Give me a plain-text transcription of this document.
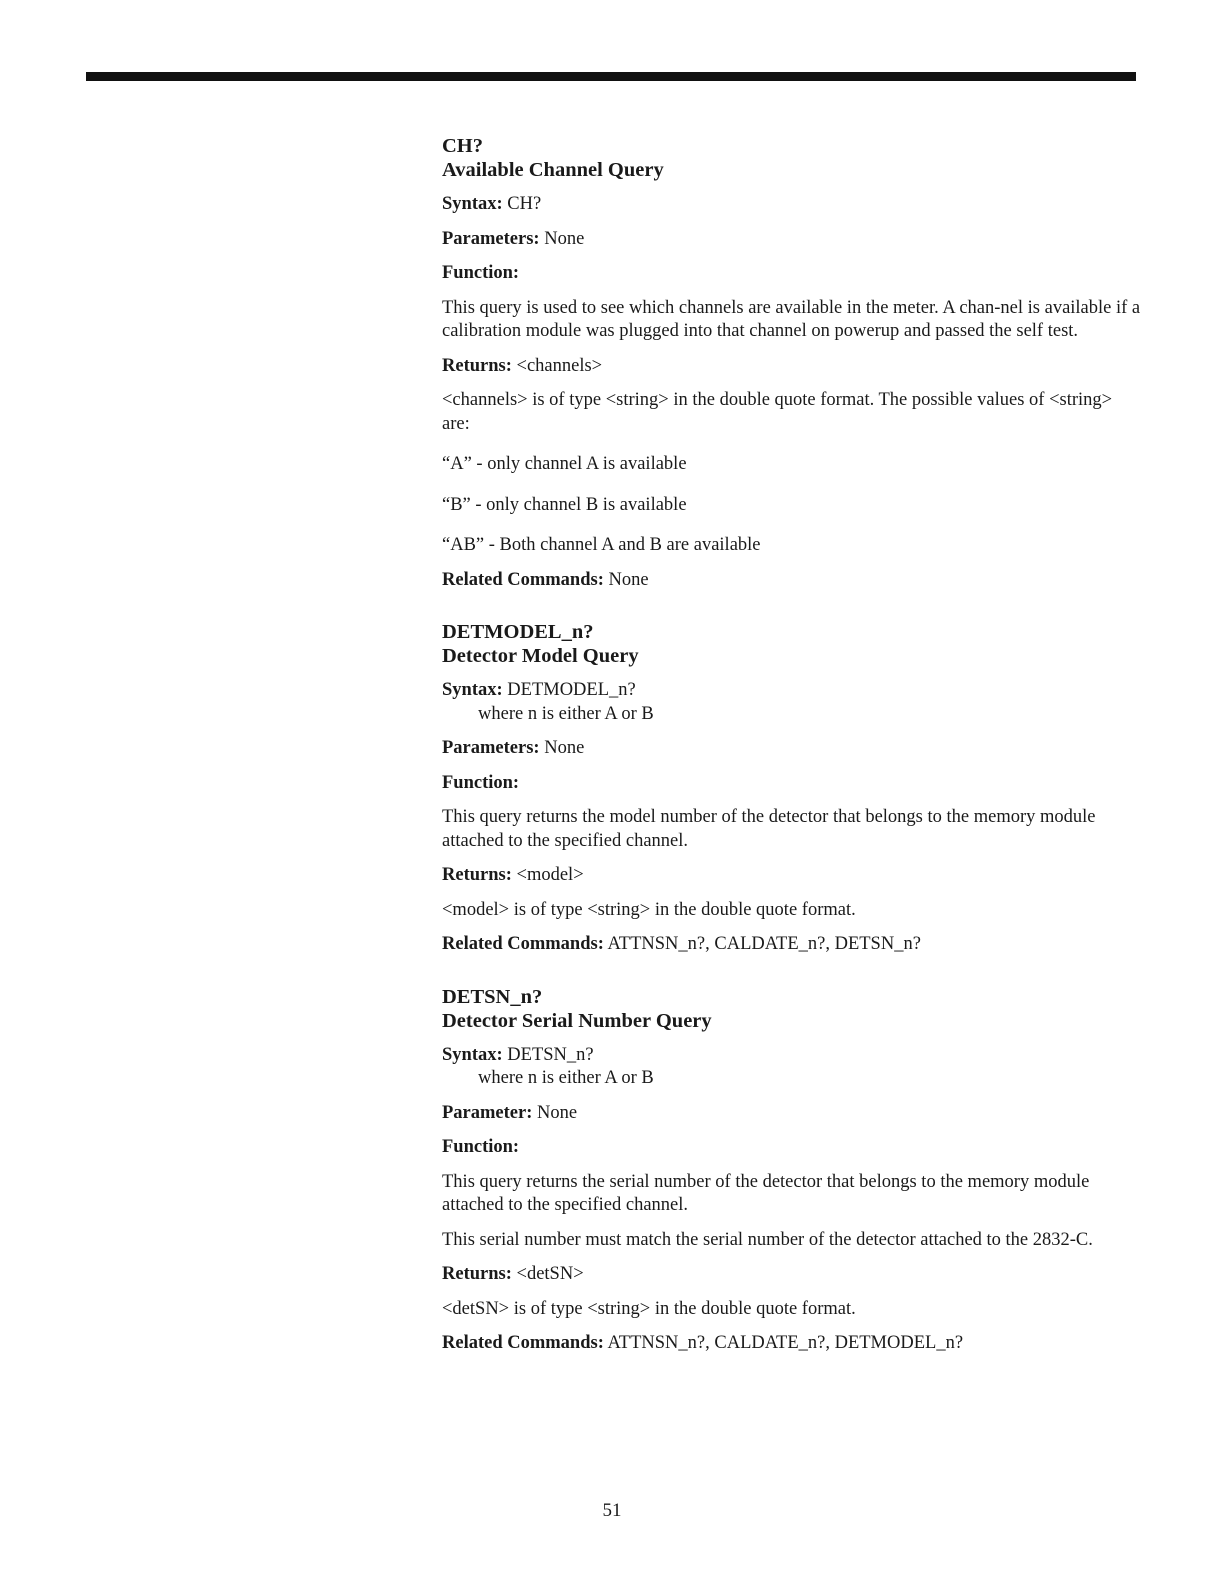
CH?

Available Channel Query

Syntax: CH?

Parameters: None

Function:

This query is used to see which channels are available in the meter. A chan-nel is available if a calibration module was plugged into that channel on powerup and passed the self test.

Returns: <channels>

<channels> is of type <string> in the double quote format. The possible values of <string> are:

“A” - only channel A is available

“B” - only channel B is available

“AB” - Both channel A and B are available

Related Commands: None

DETMODEL_n?

Detector Model Query

Syntax: DETMODEL_n?

where n is either A or B

Parameters: None

Function:

This query returns the model number of the detector that belongs to the memory module attached to the specified channel.

Returns: <model>

<model> is of type <string> in the double quote format.

Related Commands: ATTNSN_n?, CALDATE_n?, DETSN_n?

DETSN_n?

Detector Serial Number Query

Syntax: DETSN_n?

where n is either A or B

Parameter: None

Function:

This query returns the serial number of the detector that belongs to the memory module attached to the specified channel.

This serial number must match the serial number of the detector attached to the 2832-C.

Returns: <detSN>

<detSN> is of type <string> in the double quote format.

Related Commands: ATTNSN_n?, CALDATE_n?, DETMODEL_n?

51
